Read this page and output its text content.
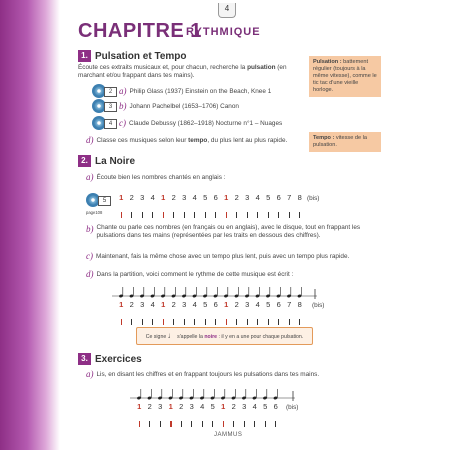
4
CHAPITRE 1
RYTHMIQUE
1. Pulsation et Tempo
Écoute ces extraits musicaux et, pour chacun, recherche la pulsation (en marchant et/ou frappant dans tes mains).
2 a) Philip Glass (1937) Einstein on the Beach, Knee 1
3 b) Johann Pachelbel (1653–1706) Canon
4 c) Claude Debussy (1862–1918) Nocturne n°1 – Nuages
d) Classe ces musiques selon leur tempo, du plus lent au plus rapide.
Pulsation : battement régulier (toujours à la même vitesse), comme le tic tac d'une vieille horloge.
Tempo : vitesse de la pulsation.
2. La Noire
a) Écoute bien les nombres chantés en anglais :
5
page108
1 2 3 4 1 2 3 4 5 6 1 2 3 4 5 6 7 8 (bis)
b) Chante ou parle ces nombres (en français ou en anglais), avec le disque, tout en frappant les pulsations dans tes mains (représentées par les traits en dessous des chiffres).
c) Maintenant, fais la même chose avec un tempo plus lent, puis avec un tempo plus rapide.
d) Dans la partition, voici comment le rythme de cette musique est écrit :
1 2 3 4 1 2 3 4 5 6 1 2 3 4 5 6 7 8	(bis)
Ce signe ♩ s'appelle la noire : il y en a une pour chaque pulsation.
3. Exercices
a) Lis, en disant les chiffres et en frappant toujours les pulsations dans tes mains.
1 2 3 1 2 3 4 5 1 2 3 4 5 6	(bis)
JAMMUS
